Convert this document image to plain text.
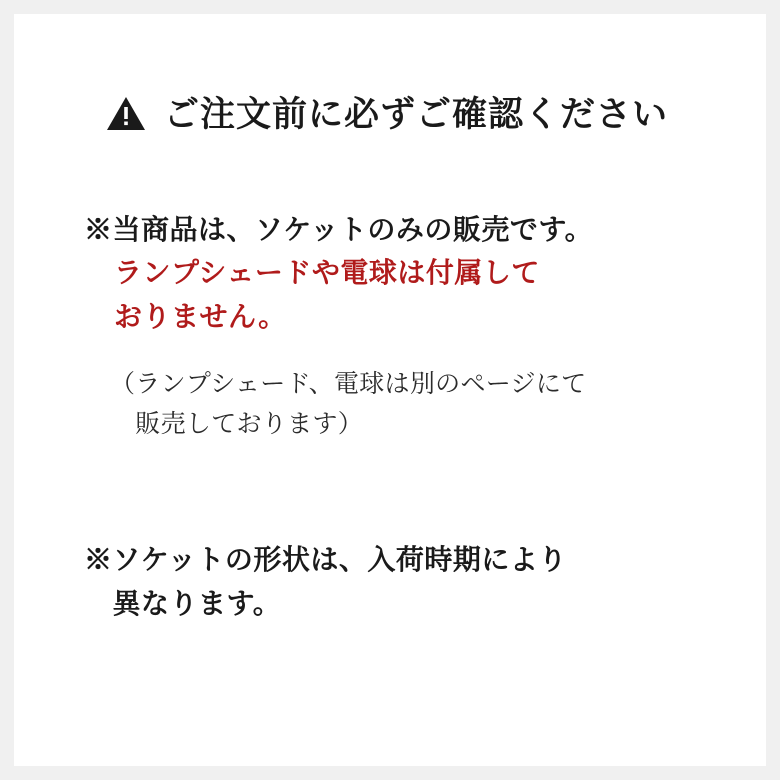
ご注文前に必ずご確認ください
※当商品は、ソケットのみの販売です。
ランプシェードや電球は付属して
おりません。
（ランプシェード、電球は別のページにて
　販売しております）
※ソケットの形状は、入荷時期により
　異なります。
